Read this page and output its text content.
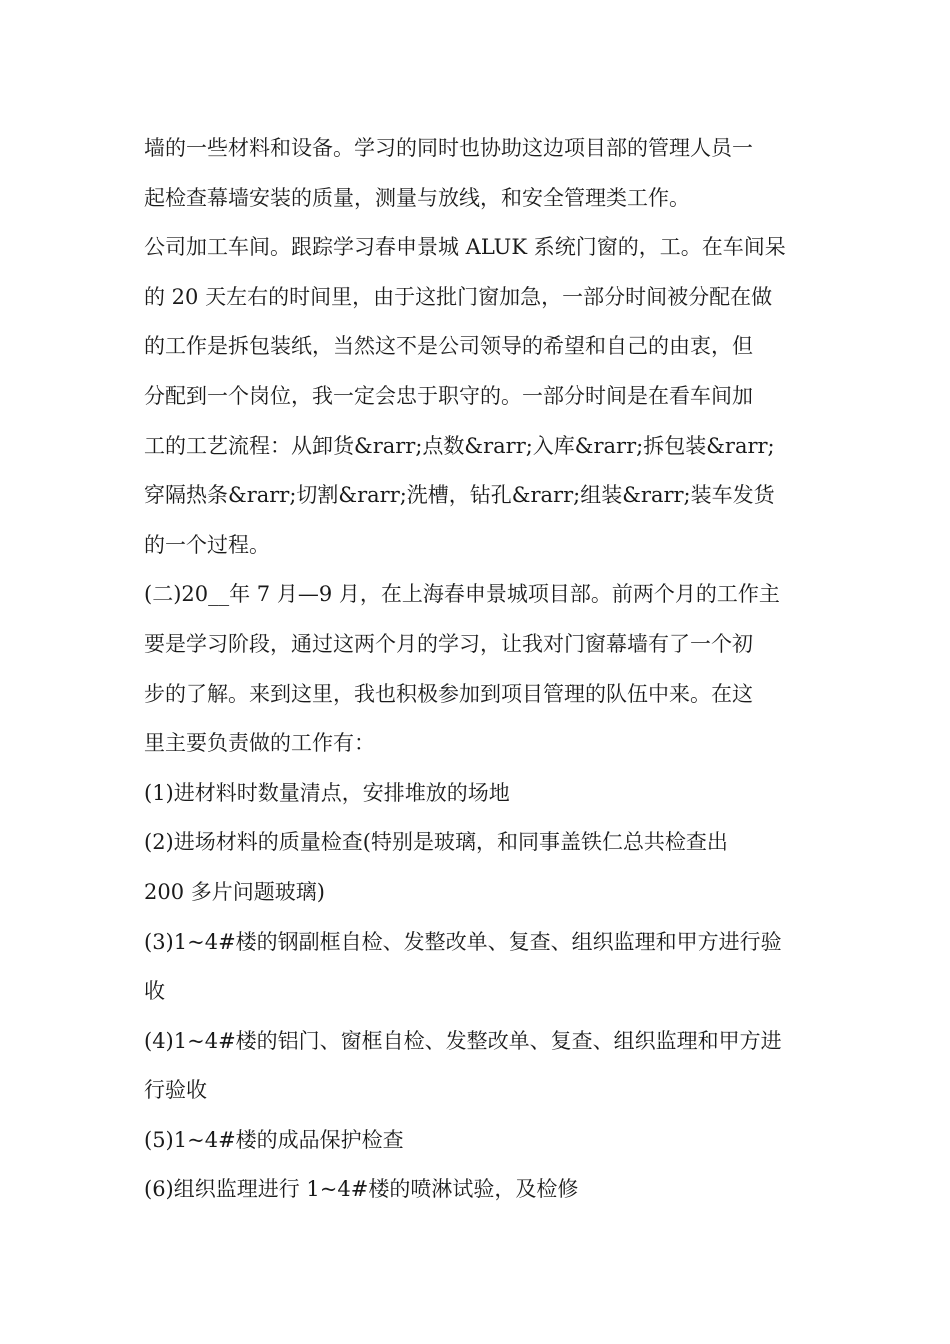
墙的一些材料和设备。学习的同时也协助这边项目部的管理人员一
起检查幕墙安装的质量，测量与放线，和安全管理类工作。
公司加工车间。跟踪学习春申景城 ALUK 系统门窗的，工。在车间呆
的 20 天左右的时间里，由于这批门窗加急，一部分时间被分配在做
的工作是拆包装纸，当然这不是公司领导的希望和自己的由衷，但
分配到一个岗位，我一定会忠于职守的。一部分时间是在看车间加
工的工艺流程：从卸货&rarr;点数&rarr;入库&rarr;拆包装&rarr;
穿隔热条&rarr;切割&rarr;洗槽，钻孔&rarr;组装&rarr;装车发货
的一个过程。
(二)20__年 7 月—9 月，在上海春申景城项目部。前两个月的工作主
要是学习阶段，通过这两个月的学习，让我对门窗幕墙有了一个初
步的了解。来到这里，我也积极参加到项目管理的队伍中来。在这
里主要负责做的工作有：
(1)进材料时数量清点，安排堆放的场地
(2)进场材料的质量检查(特别是玻璃，和同事盖铁仁总共检查出
200 多片问题玻璃)
(3)1~4#楼的钢副框自检、发整改单、复查、组织监理和甲方进行验
收
(4)1~4#楼的铝门、窗框自检、发整改单、复查、组织监理和甲方进
行验收
(5)1~4#楼的成品保护检查
(6)组织监理进行 1~4#楼的喷淋试验，及检修
